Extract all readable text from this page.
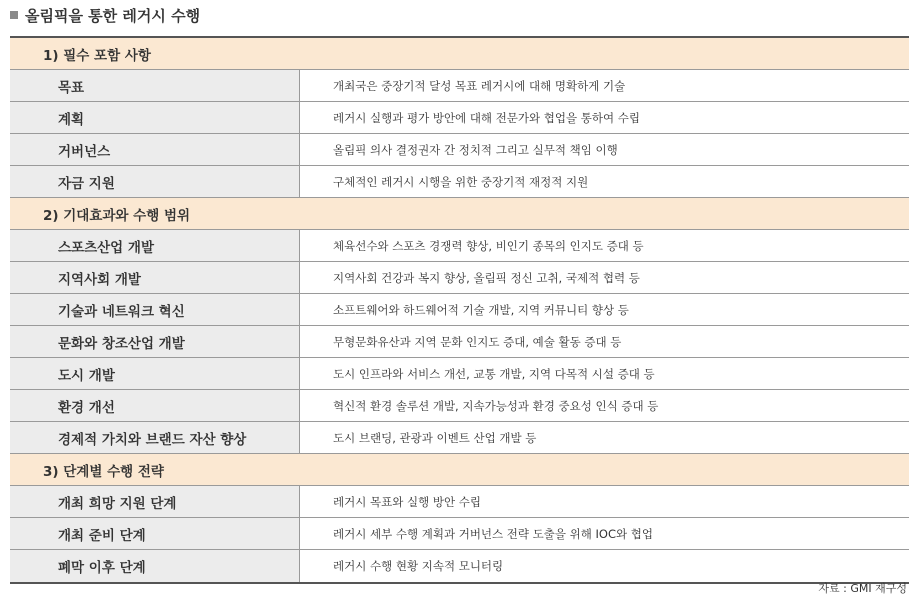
올림픽을 통한 레거시 수행
1) 필수 포함 사항
목표	개최국은 중장기적 달성 목표 레거시에 대해 명확하게 기술
계획	레거시 실행과 평가 방안에 대해 전문가와 협업을 통하여 수립
거버넌스	올림픽 의사 결정권자 간 정치적 그리고 실무적 책임 이행
자금 지원	구체적인 레거시 시행을 위한 중장기적 재정적 지원
2) 기대효과와 수행 범위
스포츠산업 개발	체육선수와 스포츠 경쟁력 향상, 비인기 종목의 인지도 증대 등
지역사회 개발	지역사회 건강과 복지 향상, 올림픽 정신 고취, 국제적 협력 등
기술과 네트워크 혁신	소프트웨어와 하드웨어적 기술 개발, 지역 커뮤니티 향상 등
문화와 창조산업 개발	무형문화유산과 지역 문화 인지도 증대, 예술 활동 증대 등
도시 개발	도시 인프라와 서비스 개선, 교통 개발, 지역 다목적 시설 증대 등
환경 개선	혁신적 환경 솔루션 개발, 지속가능성과 환경 중요성 인식 증대 등
경제적 가치와 브랜드 자산 향상	도시 브랜딩, 관광과 이벤트 산업 개발 등
3) 단계별 수행 전략
개최 희망 지원 단계	레거시 목표와 실행 방안 수립
개최 준비 단계	레거시 세부 수행 계획과 거버넌스 전략 도출을 위해 IOC와 협업
폐막 이후 단계	레거시 수행 현황 지속적 모니터링
자료 : GMI 재구성
